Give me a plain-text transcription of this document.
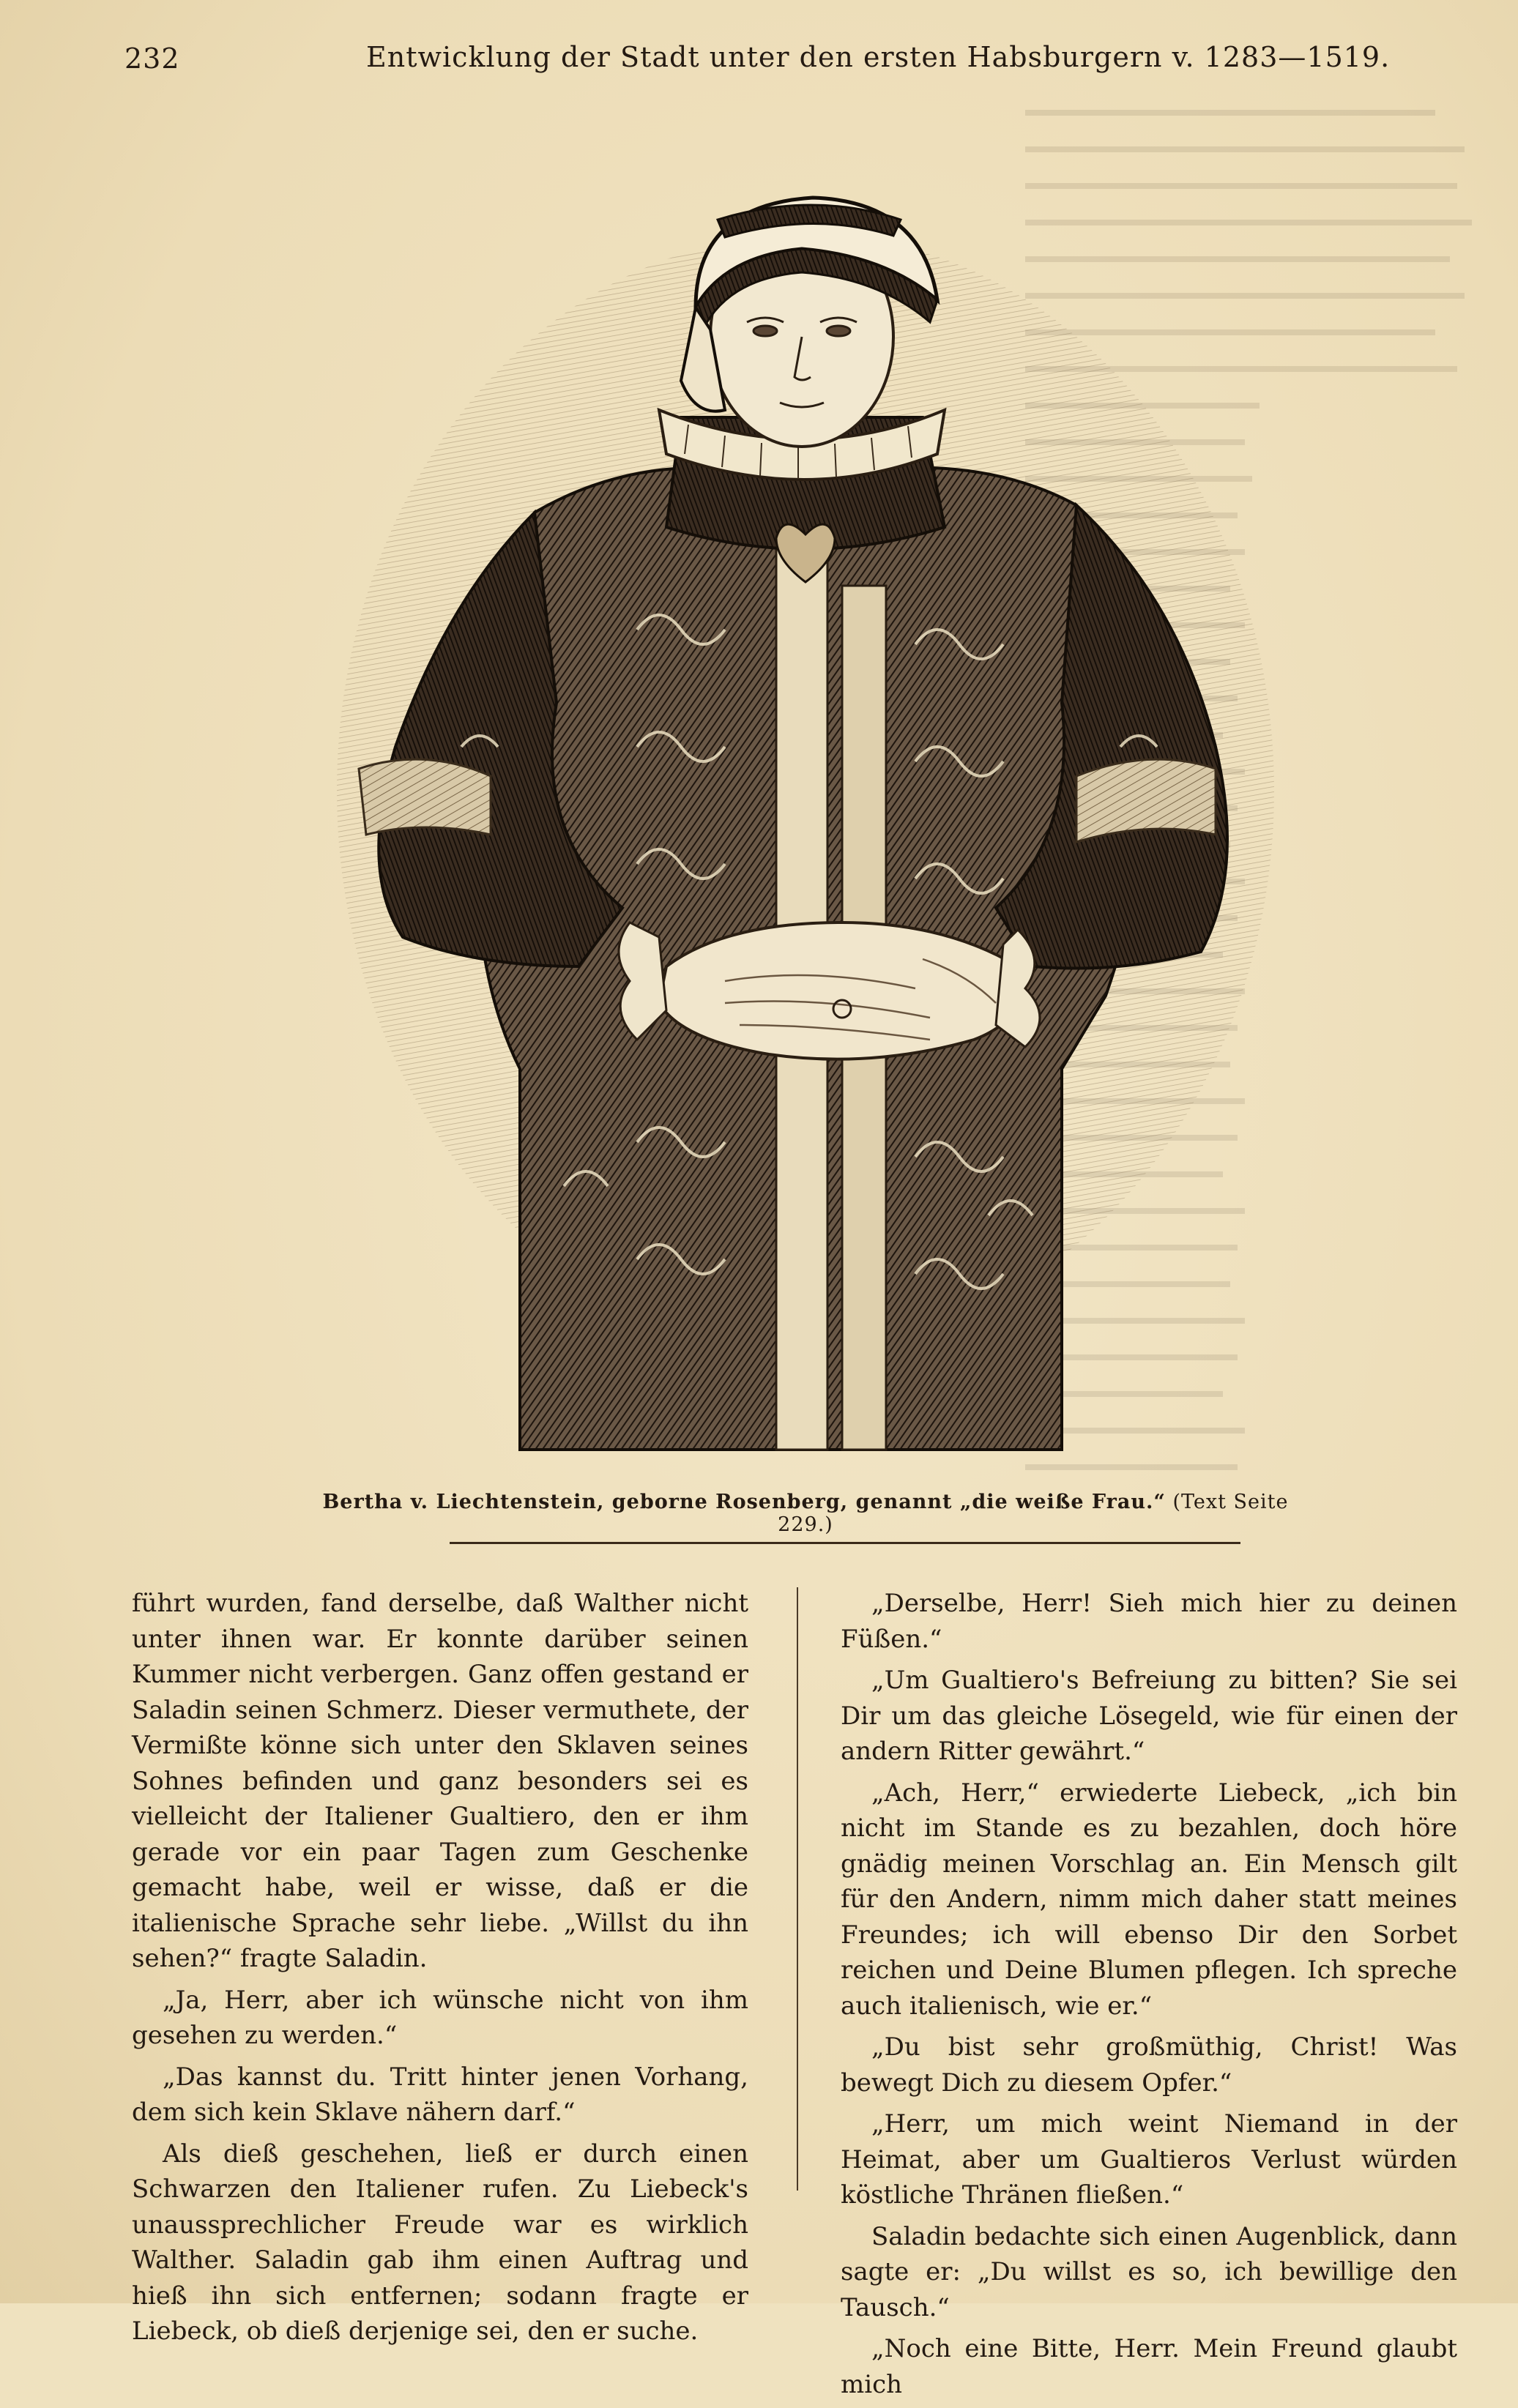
232	Entwicklung der Stadt unter den ersten Habsburgern v. 1283—1519.
Bertha v. Liechtenstein, geborne Rosenberg, genannt „die weiße Frau.“ (Text Seite 229.)

führt wurden, fand derselbe, daß Walther nicht unter ihnen war. Er konnte darüber seinen Kummer nicht verbergen. Ganz offen gestand er Saladin seinen Schmerz. Dieser vermuthete, der Vermißte könne sich unter den Sklaven seines Sohnes befinden und ganz besonders sei es vielleicht der Italiener Gualtiero, den er ihm gerade vor ein paar Tagen zum Geschenke gemacht habe, weil er wisse, daß er die italienische Sprache sehr liebe. „Willst du ihn sehen?“ fragte Saladin.

„Ja, Herr, aber ich wünsche nicht von ihm gesehen zu werden.“

„Das kannst du. Tritt hinter jenen Vorhang, dem sich kein Sklave nähern darf.“

Als dieß geschehen, ließ er durch einen Schwarzen den Italiener rufen. Zu Liebeck's unaussprechlicher Freude war es wirklich Walther. Saladin gab ihm einen Auftrag und hieß ihn sich entfernen; sodann fragte er Liebeck, ob dieß derjenige sei, den er suche.

„Derselbe, Herr! Sieh mich hier zu deinen Füßen.“

„Um Gualtiero's Befreiung zu bitten? Sie sei Dir um das gleiche Lösegeld, wie für einen der andern Ritter gewährt.“

„Ach, Herr,“ erwiederte Liebeck, „ich bin nicht im Stande es zu bezahlen, doch höre gnädig meinen Vorschlag an. Ein Mensch gilt für den Andern, nimm mich daher statt meines Freundes; ich will ebenso Dir den Sorbet reichen und Deine Blumen pflegen. Ich spreche auch italienisch, wie er.“

„Du bist sehr großmüthig, Christ! Was bewegt Dich zu diesem Opfer.“

„Herr, um mich weint Niemand in der Heimat, aber um Gualtieros Verlust würden köstliche Thränen fließen.“

Saladin bedachte sich einen Augenblick, dann sagte er: „Du willst es so, ich bewillige den Tausch.“

„Noch eine Bitte, Herr. Mein Freund glaubt mich
